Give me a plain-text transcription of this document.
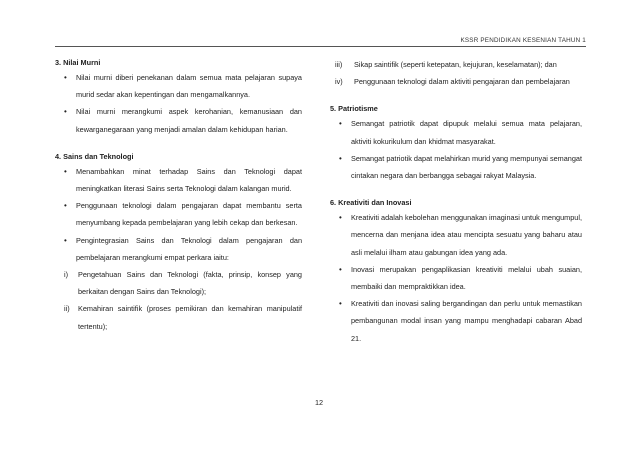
KSSR PENDIDIKAN KESENIAN TAHUN 1

3. Nilai Murni

• Nilai murni diberi penekanan dalam semua mata pelajaran supaya murid sedar akan kepentingan dan mengamalkannya.
• Nilai murni merangkumi aspek kerohanian, kemanusiaan dan kewarganegaraan yang menjadi amalan dalam kehidupan harian.

4. Sains dan Teknologi

• Menambahkan minat terhadap Sains dan Teknologi dapat meningkatkan literasi Sains serta Teknologi dalam kalangan murid.
• Penggunaan teknologi dalam pengajaran dapat membantu serta menyumbang kepada pembelajaran yang lebih cekap dan berkesan.
• Pengintegrasian Sains dan Teknologi dalam pengajaran dan pembelajaran merangkumi empat perkara iaitu:
i) Pengetahuan Sains dan Teknologi (fakta, prinsip, konsep yang berkaitan dengan Sains dan Teknologi);
ii) Kemahiran saintifik (proses pemikiran dan kemahiran manipulatif tertentu);
iii) Sikap saintifik (seperti ketepatan, kejujuran, keselamatan); dan
iv) Penggunaan teknologi dalam aktiviti pengajaran dan pembelajaran

5. Patriotisme

• Semangat patriotik dapat dipupuk melalui semua mata pelajaran, aktiviti kokurikulum dan khidmat masyarakat.
• Semangat patriotik dapat melahirkan murid yang mempunyai semangat cintakan negara dan berbangga sebagai rakyat Malaysia.

6. Kreativiti dan Inovasi

• Kreativiti adalah kebolehan menggunakan imaginasi untuk mengumpul, mencerna dan menjana idea atau mencipta sesuatu yang baharu atau asli melalui ilham atau gabungan idea yang ada.
• Inovasi merupakan pengaplikasian kreativiti melalui ubah suaian, membaiki dan mempraktikkan idea.
• Kreativiti dan inovasi saling bergandingan dan perlu untuk memastikan pembangunan modal insan yang mampu menghadapi cabaran Abad 21.
12
